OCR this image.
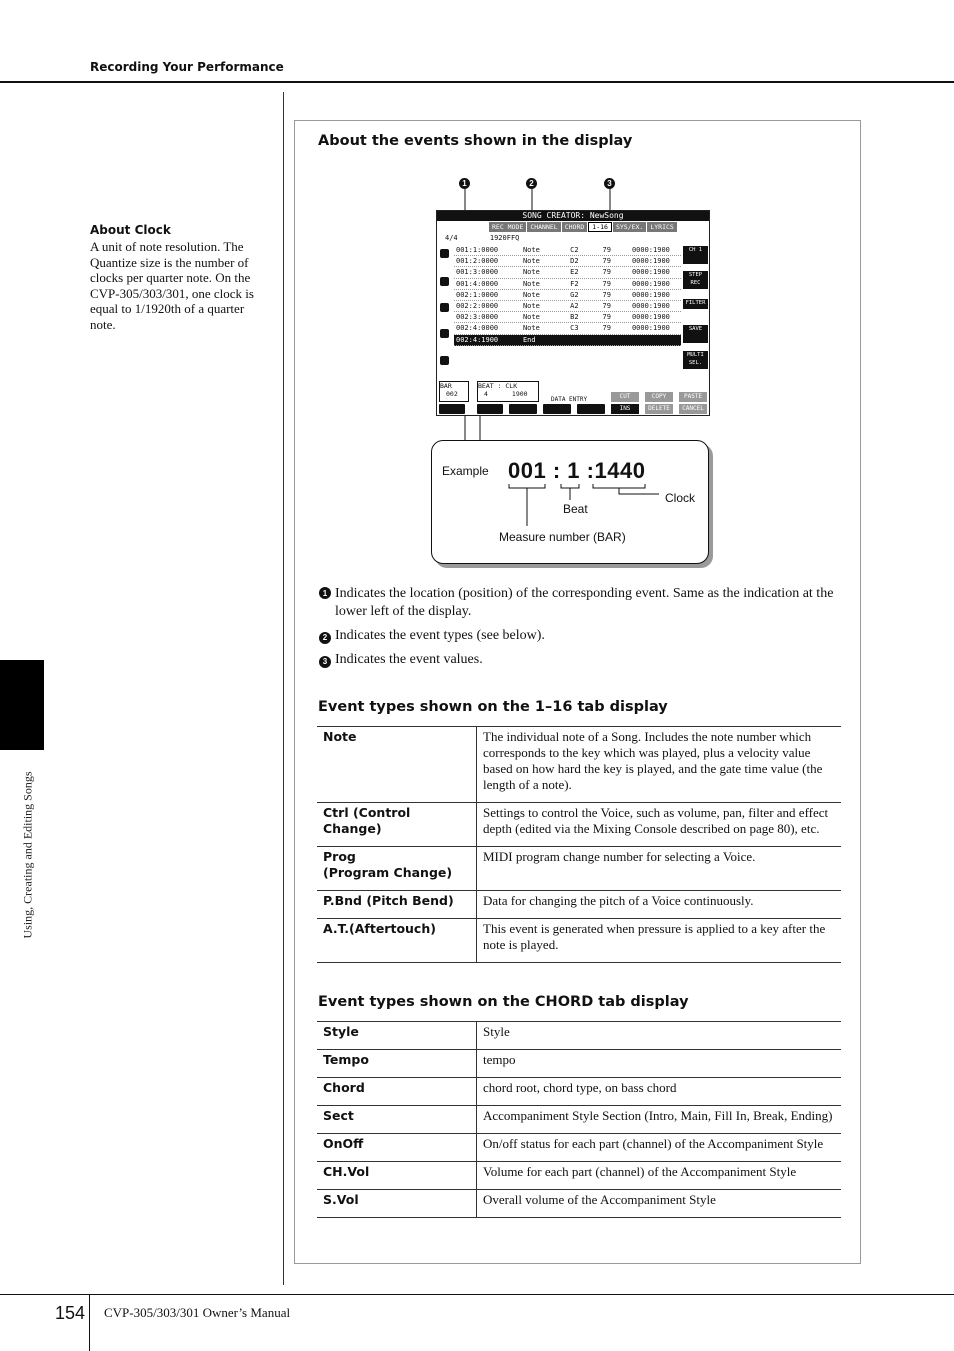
Recording Your Performance
Using, Creating and Editing Songs
About Clock
A unit of note resolution. The Quantize size is the number of clocks per quarter note. On the CVP-305/303/301, one clock is equal to 1/1920th of a quarter note.
About the events shown in the display
1	2	3
SONG CREATOR: NewSong
REC MODE	CHANNEL	CHORD	1-16	SYS/EX.	LYRICS
4/4	1920FFQ
001:1:0000	Note	C2	79	0000:1900
001:2:0000	Note	D2	79	0000:1900
001:3:0000	Note	E2	79	0000:1900
001:4:0000	Note	F2	79	0000:1900
002:1:0000	Note	G2	79	0000:1900
002:2:0000	Note	A2	79	0000:1900
002:3:0000	Note	B2	79	0000:1900
002:4:0000	Note	C3	79	0000:1900
002:4:1900	End
CH 1
STEP REC
FILTER
SAVE
MULTI SEL.
BAR
002
BEAT : CLK
4	1900
DATA ENTRY	CUT	COPY	PASTE
INS	DELETE	CANCEL
Example 001 : 1 :1440
Beat
Clock
Measure number (BAR)
1 Indicates the location (position) of the corresponding event. Same as the indication at the lower left of the display.
2 Indicates the event types (see below).
3 Indicates the event values.
Event types shown on the 1–16 tab display
Note	The individual note of a Song. Includes the note number which corresponds to the key which was played, plus a velocity value based on how hard the key is played, and the gate time value (the length of a note).
Ctrl (Control Change)	Settings to control the Voice, such as volume, pan, filter and effect depth (edited via the Mixing Console described on page 80), etc.

Prog
(Program Change)	MIDI program change number for selecting a Voice.
P.Bnd (Pitch Bend)	Data for changing the pitch of a Voice continuously.
A.T.(Aftertouch)	This event is generated when pressure is applied to a key after the note is played.
Event types shown on the CHORD tab display
Style	Style
Tempo	tempo
Chord	chord root, chord type, on bass chord
Sect	Accompaniment Style Section (Intro, Main, Fill In, Break, Ending)
OnOff	On/off status for each part (channel) of the Accompaniment Style
CH.Vol	Volume for each part (channel) of the Accompaniment Style
S.Vol	Overall volume of the Accompaniment Style
154 CVP-305/303/301 Owner’s Manual
